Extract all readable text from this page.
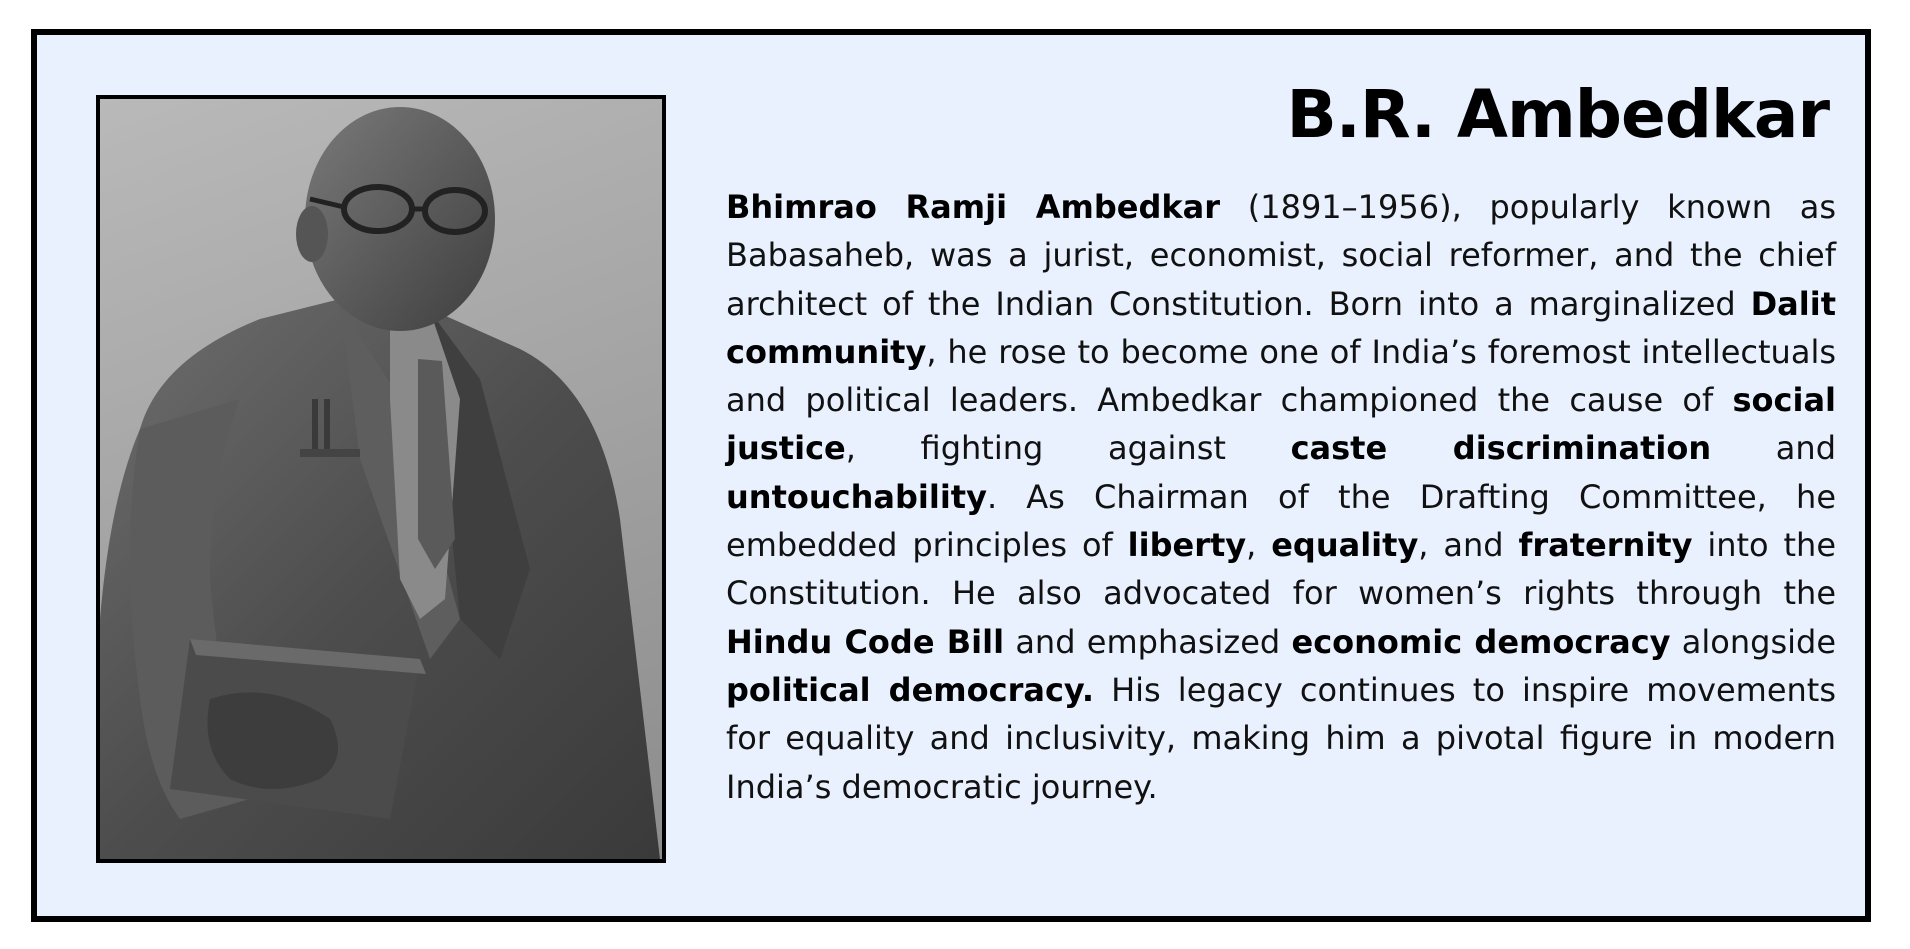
B.R. Ambedkar

Bhimrao Ramji Ambedkar (1891–1956), popularly known as Babasaheb, was a jurist, economist, social reformer, and the chief architect of the Indian Constitution. Born into a marginalized Dalit community, he rose to become one of India’s foremost intellectuals and political leaders. Ambedkar championed the cause of social justice, fighting against caste discrimination and untouchability. As Chairman of the Drafting Committee, he embedded principles of liberty, equality, and fraternity into the Constitution. He also advocated for women’s rights through the Hindu Code Bill and emphasized economic democracy alongside political democracy. His legacy continues to inspire movements for equality and inclusivity, making him a pivotal figure in modern India’s democratic journey.
